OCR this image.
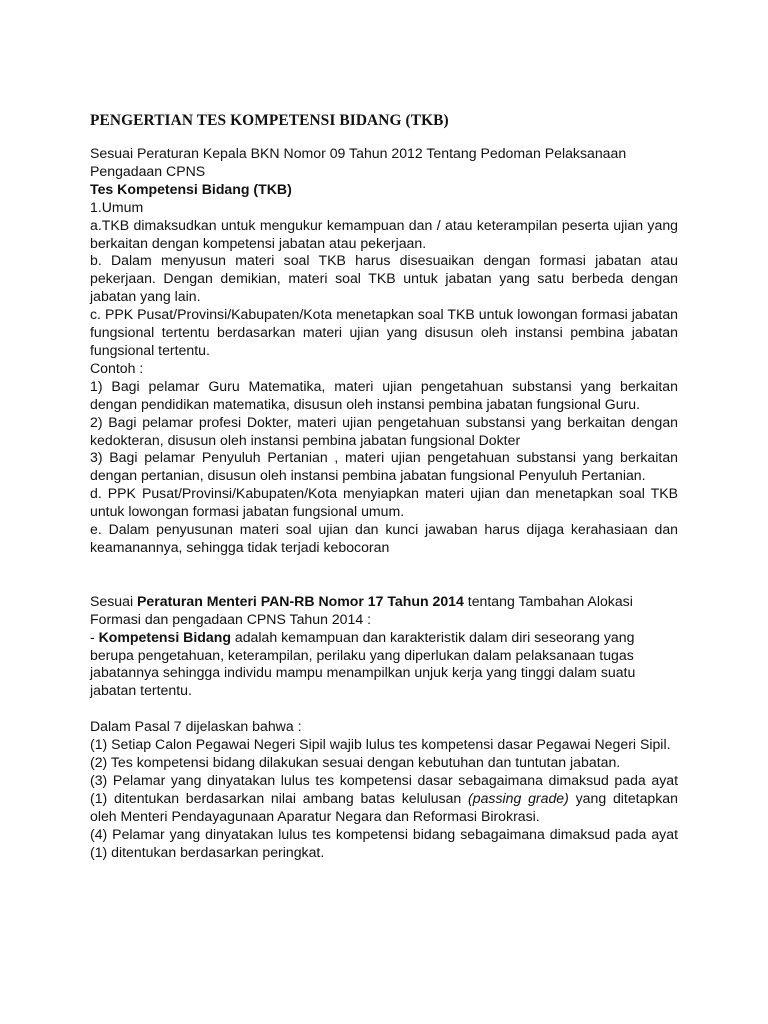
PENGERTIAN TES KOMPETENSI BIDANG (TKB)

Sesuai Peraturan Kepala BKN Nomor 09 Tahun 2012 Tentang Pedoman Pelaksanaan Pengadaan CPNS

Tes Kompetensi Bidang (TKB)

1.Umum

a.TKB dimaksudkan untuk mengukur kemampuan dan / atau keterampilan peserta ujian yang berkaitan dengan kompetensi jabatan atau pekerjaan.

b. Dalam menyusun materi soal TKB harus disesuaikan dengan formasi jabatan atau pekerjaan. Dengan demikian, materi soal TKB untuk jabatan yang satu berbeda dengan jabatan yang lain.

c. PPK Pusat/Provinsi/Kabupaten/Kota menetapkan soal TKB untuk lowongan formasi jabatan fungsional tertentu berdasarkan materi ujian yang disusun oleh instansi pembina jabatan fungsional tertentu.

Contoh :

1) Bagi pelamar Guru Matematika, materi ujian pengetahuan substansi yang berkaitan dengan pendidikan matematika, disusun oleh instansi pembina jabatan fungsional Guru.

2) Bagi pelamar profesi Dokter, materi ujian pengetahuan substansi yang berkaitan dengan kedokteran, disusun oleh instansi pembina jabatan fungsional Dokter

3) Bagi pelamar Penyuluh Pertanian , materi ujian pengetahuan substansi yang berkaitan dengan pertanian, disusun oleh instansi pembina jabatan fungsional Penyuluh Pertanian.

d. PPK Pusat/Provinsi/Kabupaten/Kota menyiapkan materi ujian dan menetapkan soal TKB untuk lowongan formasi jabatan fungsional umum.

e. Dalam penyusunan materi soal ujian dan kunci jawaban harus dijaga kerahasiaan dan keamanannya, sehingga tidak terjadi kebocoran

Sesuai Peraturan Menteri PAN-RB Nomor 17 Tahun 2014 tentang Tambahan Alokasi Formasi dan pengadaan CPNS Tahun 2014 :

- Kompetensi Bidang adalah kemampuan dan karakteristik dalam diri seseorang yang berupa pengetahuan, keterampilan, perilaku yang diperlukan dalam pelaksanaan tugas jabatannya sehingga individu mampu menampilkan unjuk kerja yang tinggi dalam suatu jabatan tertentu.

Dalam Pasal 7 dijelaskan bahwa :

(1) Setiap Calon Pegawai Negeri Sipil wajib lulus tes kompetensi dasar Pegawai Negeri Sipil.

(2) Tes kompetensi bidang dilakukan sesuai dengan kebutuhan dan tuntutan jabatan.

(3) Pelamar yang dinyatakan lulus tes kompetensi dasar sebagaimana dimaksud pada ayat (1) ditentukan berdasarkan nilai ambang batas kelulusan (passing grade) yang ditetapkan oleh Menteri Pendayagunaan Aparatur Negara dan Reformasi Birokrasi.

(4) Pelamar yang dinyatakan lulus tes kompetensi bidang sebagaimana dimaksud pada ayat (1) ditentukan berdasarkan peringkat.
